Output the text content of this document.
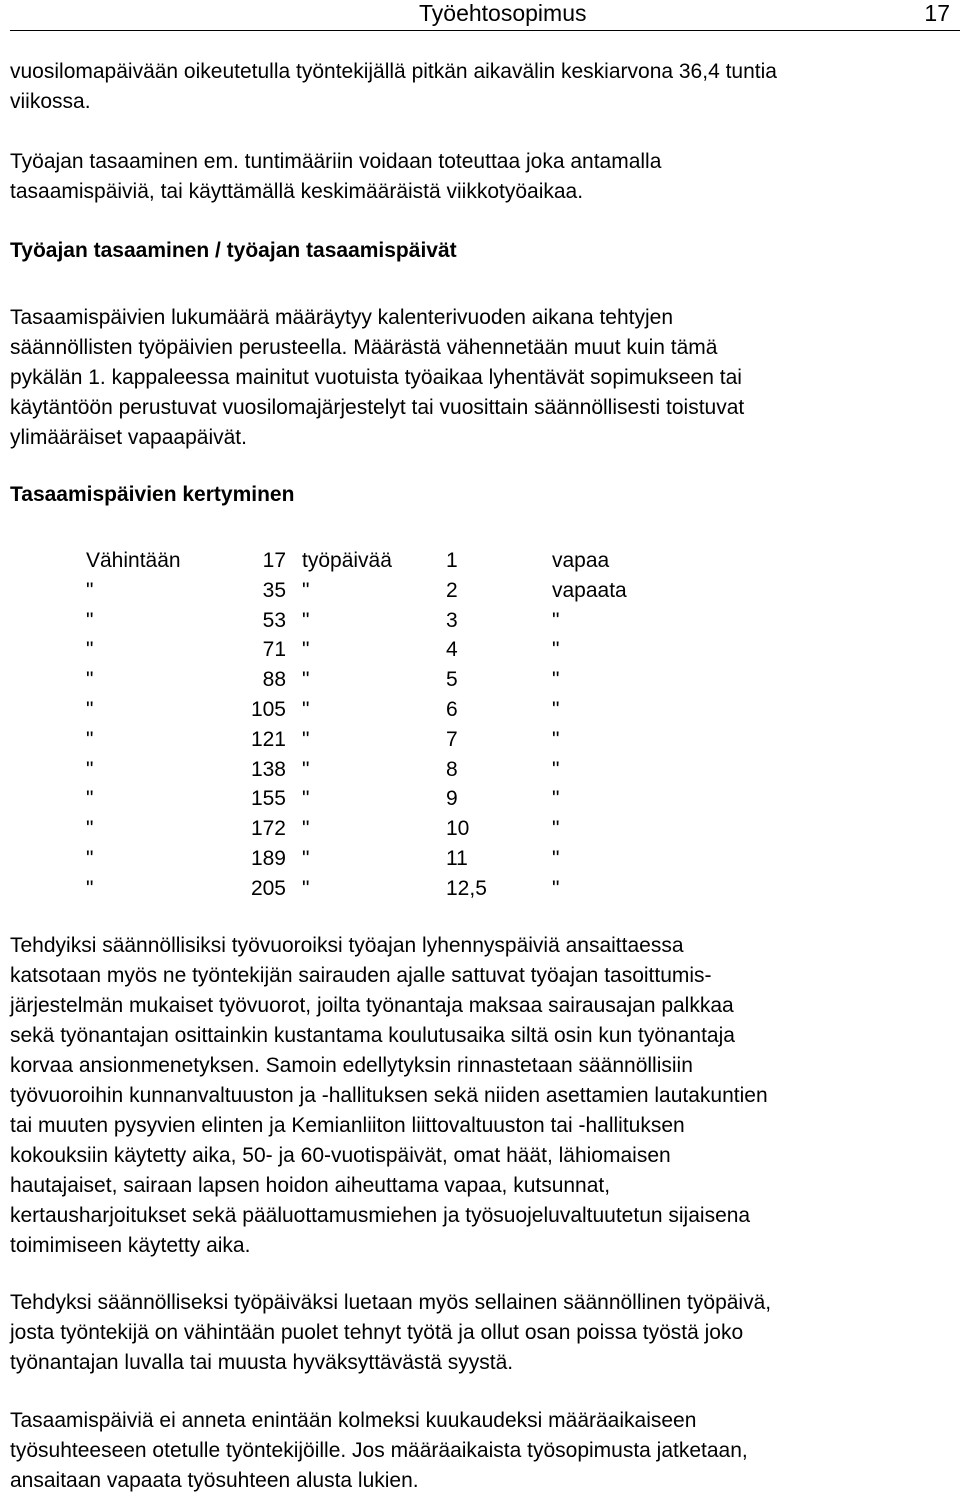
Työehtosopimus	17

vuosilomapäivään oikeutetulla työntekijällä pitkän aikavälin keskiarvona 36,4 tuntia
viikossa.

Työajan tasaaminen em. tuntimääriin voidaan toteuttaa joka antamalla
tasaamispäiviä, tai käyttämällä keskimääräistä viikkotyöaikaa.

Työajan tasaaminen / työajan tasaamispäivät

Tasaamispäivien lukumäärä määräytyy kalenterivuoden aikana tehtyjen
säännöllisten työpäivien perusteella. Määrästä vähennetään muut kuin tämä
pykälän 1. kappaleessa mainitut vuotuista työaikaa lyhentävät sopimukseen tai
käytäntöön perustuvat vuosilomajärjestelyt tai vuosittain säännöllisesti toistuvat
ylimääräiset vapaapäivät.

Tasaamispäivien kertyminen
Vähintään	17 työpäivää	1	vapaa
"	35 "	2	vapaata
"	53 "	3	"
"	71 "	4	"
"	88 "	5	"
"	105 "	6	"
"	121 "	7	"
"	138 "	8	"
"	155 "	9	"
"	172 "	10	"
"	189 "	11	"
"	205 "	12,5	"

Tehdyiksi säännöllisiksi työvuoroiksi työajan lyhennyspäiviä ansaittaessa
katsotaan myös ne työntekijän sairauden ajalle sattuvat työajan tasoittumis-
järjestelmän mukaiset työvuorot, joilta työnantaja maksaa sairausajan palkkaa
sekä työnantajan osittainkin kustantama koulutusaika siltä osin kun työnantaja
korvaa ansionmenetyksen. Samoin edellytyksin rinnastetaan säännöllisiin
työvuoroihin kunnanvaltuuston ja -hallituksen sekä niiden asettamien lautakuntien
tai muuten pysyvien elinten ja Kemianliiton liittovaltuuston tai -hallituksen
kokouksiin käytetty aika, 50- ja 60-vuotispäivät, omat häät, lähiomaisen
hautajaiset, sairaan lapsen hoidon aiheuttama vapaa, kutsunnat,
kertausharjoitukset sekä pääluottamusmiehen ja työsuojeluvaltuutetun sijaisena
toimimiseen käytetty aika.

Tehdyksi säännölliseksi työpäiväksi luetaan myös sellainen säännöllinen työpäivä,
josta työntekijä on vähintään puolet tehnyt työtä ja ollut osan poissa työstä joko
työnantajan luvalla tai muusta hyväksyttävästä syystä.

Tasaamispäiviä ei anneta enintään kolmeksi kuukaudeksi määräaikaiseen
työsuhteeseen otetulle työntekijöille. Jos määräaikaista työsopimusta jatketaan,
ansaitaan vapaata työsuhteen alusta lukien.
